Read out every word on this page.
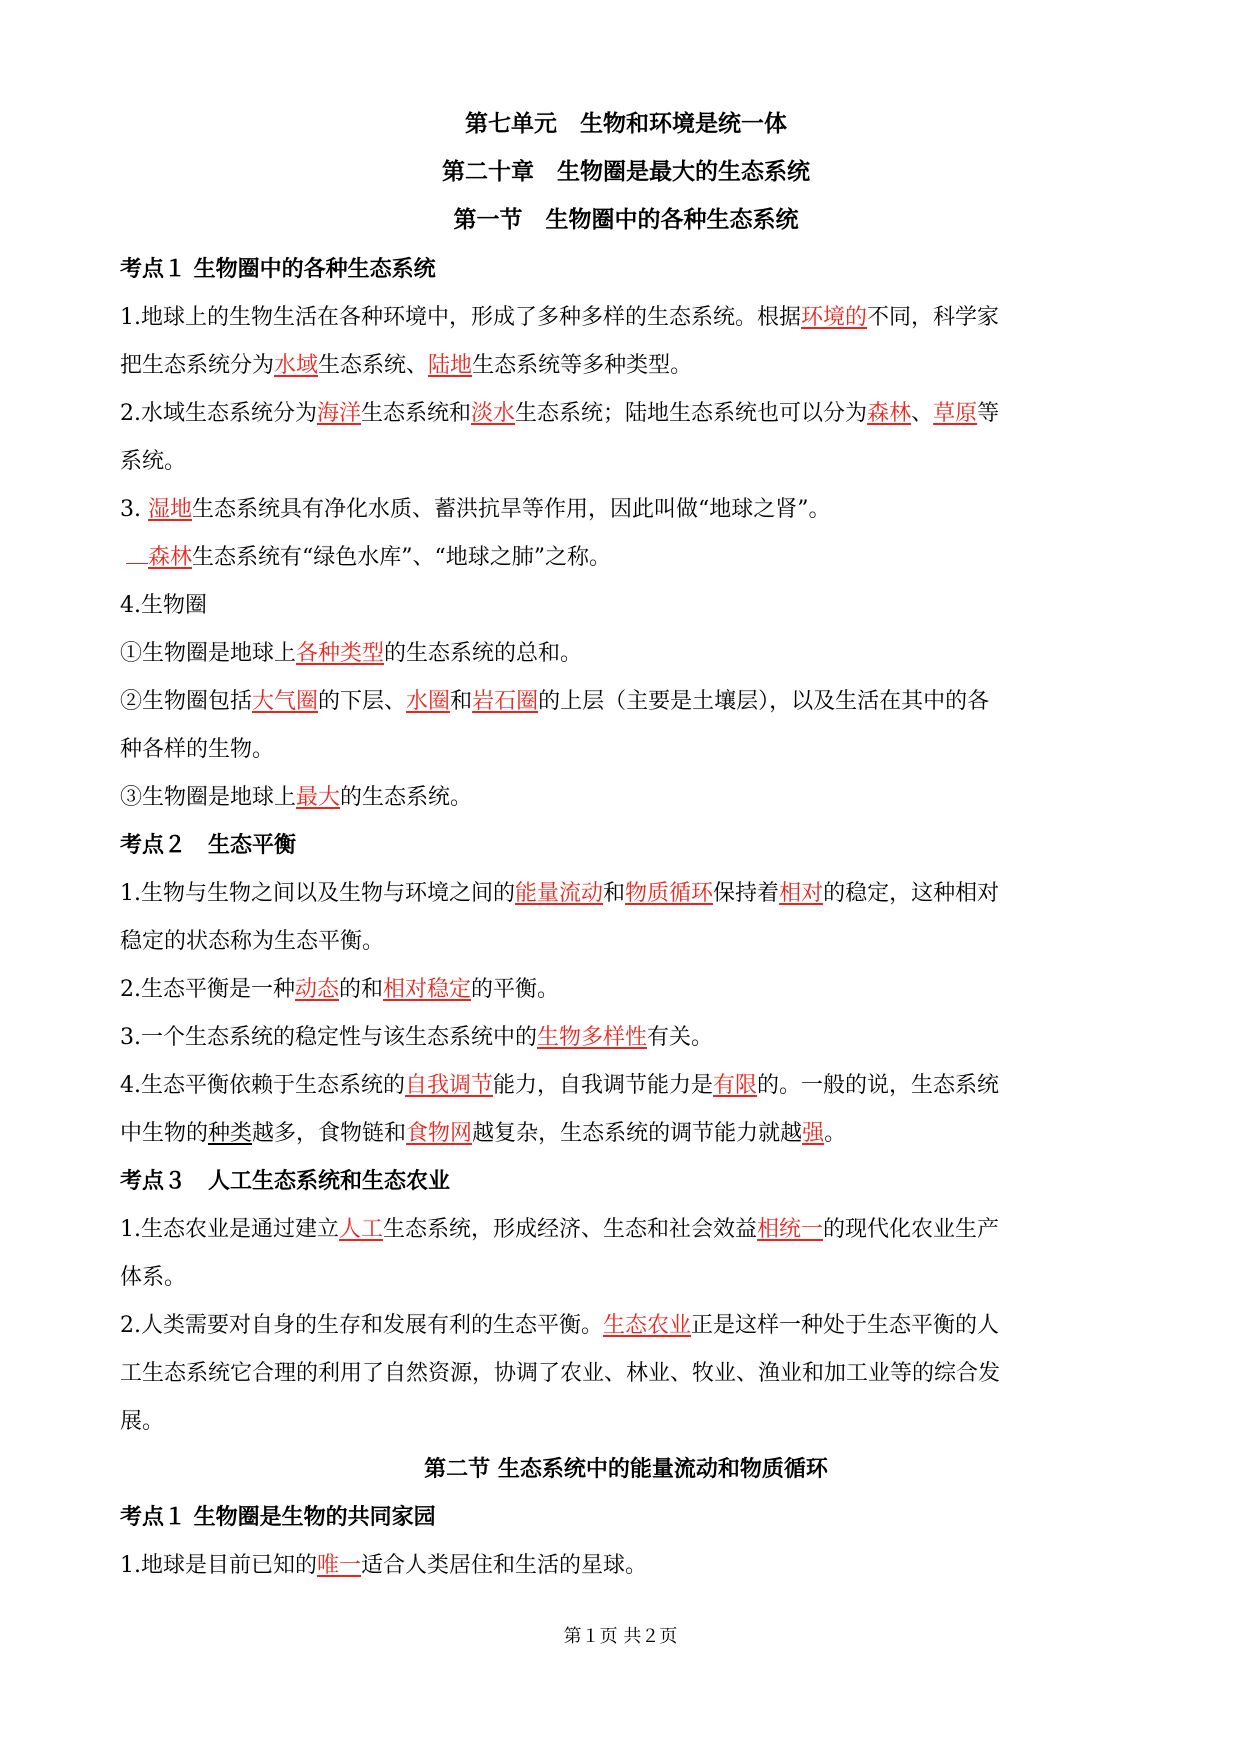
第七单元　生物和环境是统一体

第二十章　生物圈是最大的生态系统

第一节　生物圈中的各种生态系统

考点１ 生物圈中的各种生态系统

1.地球上的生物生活在各种环境中，形成了多种多样的生态系统。根据环境的不同，科学家

把生态系统分为水域生态系统、陆地生态系统等多种类型。

2.水域生态系统分为海洋生态系统和淡水生态系统；陆地生态系统也可以分为森林、草原等

系统。

3. 湿地生态系统具有净化水质、蓄洪抗旱等作用，因此叫做“地球之肾”。

森林生态系统有“绿色水库”、“地球之肺”之称。

4.生物圈

①生物圈是地球上各种类型的生态系统的总和。

②生物圈包括大气圈的下层、水圈和岩石圈的上层（主要是土壤层），以及生活在其中的各

种各样的生物。

③生物圈是地球上最大的生态系统。

考点２　生态平衡

1.生物与生物之间以及生物与环境之间的能量流动和物质循环保持着相对的稳定，这种相对

稳定的状态称为生态平衡。

2.生态平衡是一种动态的和相对稳定的平衡。

3.一个生态系统的稳定性与该生态系统中的生物多样性有关。

4.生态平衡依赖于生态系统的自我调节能力，自我调节能力是有限的。一般的说，生态系统

中生物的种类越多，食物链和食物网越复杂，生态系统的调节能力就越强。

考点３　人工生态系统和生态农业

1.生态农业是通过建立人工生态系统，形成经济、生态和社会效益相统一的现代化农业生产

体系。

2.人类需要对自身的生存和发展有利的生态平衡。生态农业正是这样一种处于生态平衡的人

工生态系统它合理的利用了自然资源，协调了农业、林业、牧业、渔业和加工业等的综合发

展。

第二节 生态系统中的能量流动和物质循环

考点１ 生物圈是生物的共同家园

1.地球是目前已知的唯一适合人类居住和生活的星球。

第１页 共２页
